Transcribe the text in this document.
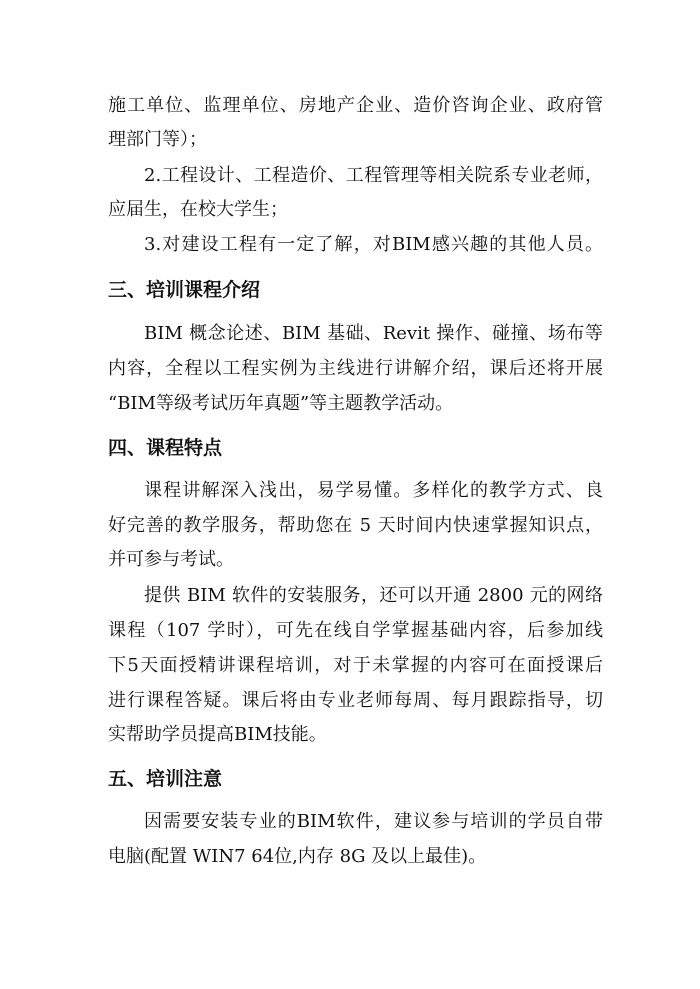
施工单位、监理单位、房地产企业、造价咨询企业、政府管

理部门等）；

2.工程设计、工程造价、工程管理等相关院系专业老师，

应届生，在校大学生；

3.对建设工程有一定了解，对BIM感兴趣的其他人员。

三、培训课程介绍

BIM 概念论述、BIM 基础、Revit 操作、碰撞、场布等

内容，全程以工程实例为主线进行讲解介绍，课后还将开展

“BIM等级考试历年真题”等主题教学活动。

四、课程特点

课程讲解深入浅出，易学易懂。多样化的教学方式、良

好完善的教学服务，帮助您在 5 天时间内快速掌握知识点，

并可参与考试。

提供 BIM 软件的安装服务，还可以开通 2800 元的网络

课程（107 学时），可先在线自学掌握基础内容，后参加线

下5天面授精讲课程培训，对于未掌握的内容可在面授课后

进行课程答疑。课后将由专业老师每周、每月跟踪指导，切

实帮助学员提高BIM技能。

五、培训注意

因需要安装专业的BIM软件，建议参与培训的学员自带

电脑(配置 WIN7 64位,内存 8G 及以上最佳)。
